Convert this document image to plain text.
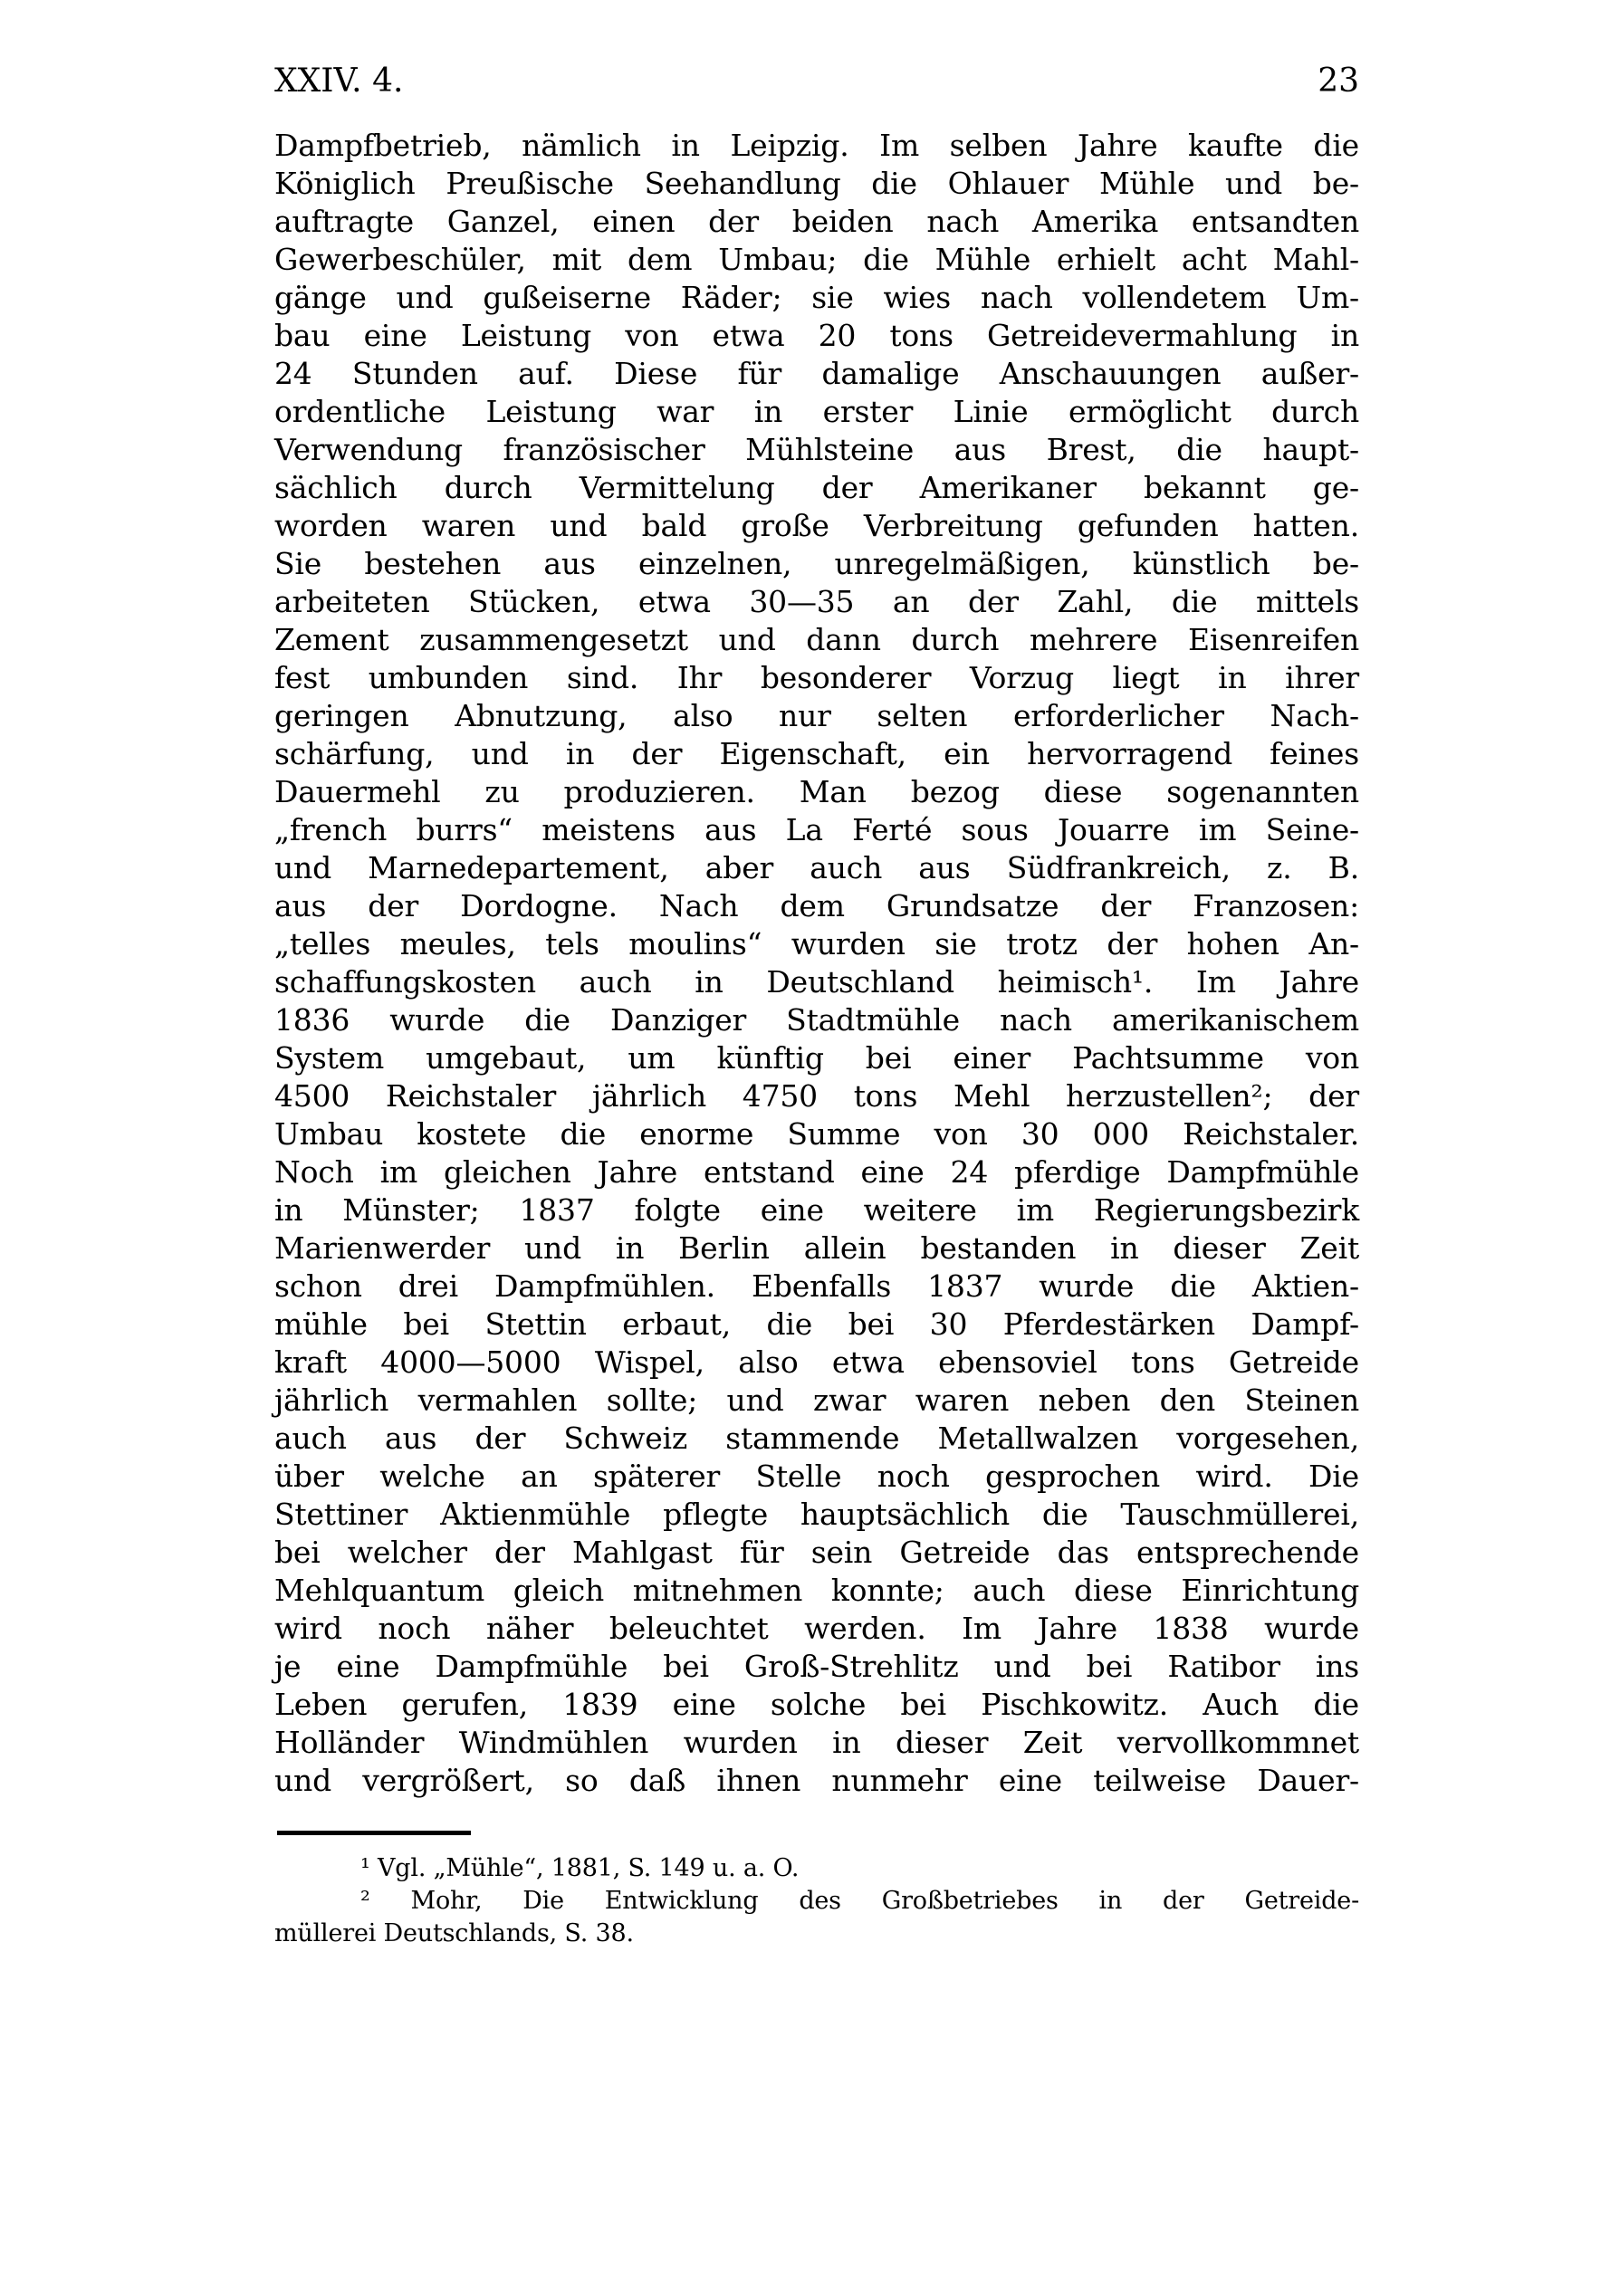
XXIV. 4.	23
Dampfbetrieb, nämlich in Leipzig. Im selben Jahre kaufte die
Königlich Preußische Seehandlung die Ohlauer Mühle und be-
auftragte Ganzel, einen der beiden nach Amerika entsandten
Gewerbeschüler, mit dem Umbau; die Mühle erhielt acht Mahl-
gänge und gußeiserne Räder; sie wies nach vollendetem Um-
bau eine Leistung von etwa 20 tons Getreidevermahlung in
24 Stunden auf. Diese für damalige Anschauungen außer-
ordentliche Leistung war in erster Linie ermöglicht durch
Verwendung französischer Mühlsteine aus Brest, die haupt-
sächlich durch Vermittelung der Amerikaner bekannt ge-
worden waren und bald große Verbreitung gefunden hatten.
Sie bestehen aus einzelnen, unregelmäßigen, künstlich be-
arbeiteten Stücken, etwa 30—35 an der Zahl, die mittels
Zement zusammengesetzt und dann durch mehrere Eisenreifen
fest umbunden sind. Ihr besonderer Vorzug liegt in ihrer
geringen Abnutzung, also nur selten erforderlicher Nach-
schärfung, und in der Eigenschaft, ein hervorragend feines
Dauermehl zu produzieren. Man bezog diese sogenannten
„french burrs“ meistens aus La Ferté sous Jouarre im Seine-
und Marnedepartement, aber auch aus Südfrankreich, z. B.
aus der Dordogne. Nach dem Grundsatze der Franzosen:
„telles meules, tels moulins“ wurden sie trotz der hohen An-
schaffungskosten auch in Deutschland heimisch¹. Im Jahre
1836 wurde die Danziger Stadtmühle nach amerikanischem
System umgebaut, um künftig bei einer Pachtsumme von
4500 Reichstaler jährlich 4750 tons Mehl herzustellen²; der
Umbau kostete die enorme Summe von 30 000 Reichstaler.
Noch im gleichen Jahre entstand eine 24 pferdige Dampfmühle
in Münster; 1837 folgte eine weitere im Regierungsbezirk
Marienwerder und in Berlin allein bestanden in dieser Zeit
schon drei Dampfmühlen. Ebenfalls 1837 wurde die Aktien-
mühle bei Stettin erbaut, die bei 30 Pferdestärken Dampf-
kraft 4000—5000 Wispel, also etwa ebensoviel tons Getreide
jährlich vermahlen sollte; und zwar waren neben den Steinen
auch aus der Schweiz stammende Metallwalzen vorgesehen,
über welche an späterer Stelle noch gesprochen wird. Die
Stettiner Aktienmühle pflegte hauptsächlich die Tauschmüllerei,
bei welcher der Mahlgast für sein Getreide das entsprechende
Mehlquantum gleich mitnehmen konnte; auch diese Einrichtung
wird noch näher beleuchtet werden. Im Jahre 1838 wurde
je eine Dampfmühle bei Groß-Strehlitz und bei Ratibor ins
Leben gerufen, 1839 eine solche bei Pischkowitz. Auch die
Holländer Windmühlen wurden in dieser Zeit vervollkommnet
und vergrößert, so daß ihnen nunmehr eine teilweise Dauer-
¹ Vgl. „Mühle“, 1881, S. 149 u. a. O.
² Mohr, Die Entwicklung des Großbetriebes in der Getreide-
müllerei Deutschlands, S. 38.
